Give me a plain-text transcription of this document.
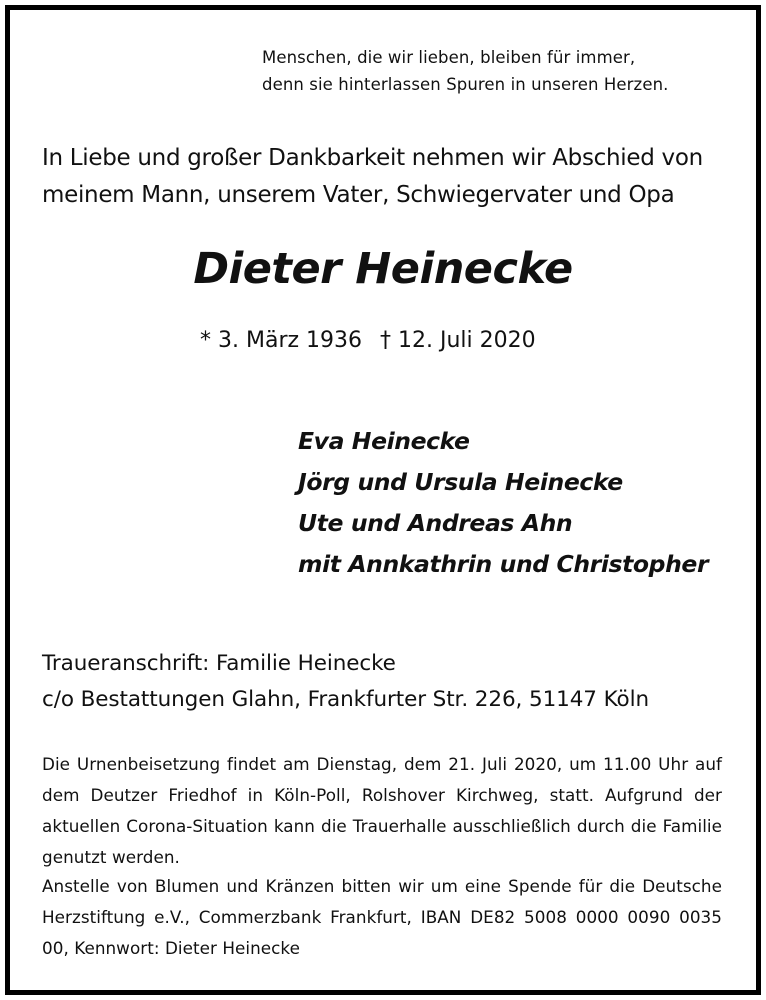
Menschen, die wir lieben, bleiben für immer,
denn sie hinterlassen Spuren in unseren Herzen.
In Liebe und großer Dankbarkeit nehmen wir Abschied von
meinem Mann, unserem Vater, Schwiegervater und Opa
Dieter Heinecke
* 3. März 1936 † 12. Juli 2020
Eva Heinecke
Jörg und Ursula Heinecke
Ute und Andreas Ahn
mit Annkathrin und Christopher
Traueranschrift: Familie Heinecke
c/o Bestattungen Glahn, Frankfurter Str. 226, 51147 Köln
Die Urnenbeisetzung findet am Dienstag, dem 21. Juli 2020, um 11.00 Uhr auf dem Deutzer Friedhof in Köln-Poll, Rolshover Kirchweg, statt. Aufgrund der aktuellen Corona-Situation kann die Trauerhalle ausschließlich durch die Familie genutzt werden.
Anstelle von Blumen und Kränzen bitten wir um eine Spende für die Deutsche Herzstiftung e.V., Commerzbank Frankfurt, IBAN DE82 5008 0000 0090 0035 00, Kennwort: Dieter Heinecke
